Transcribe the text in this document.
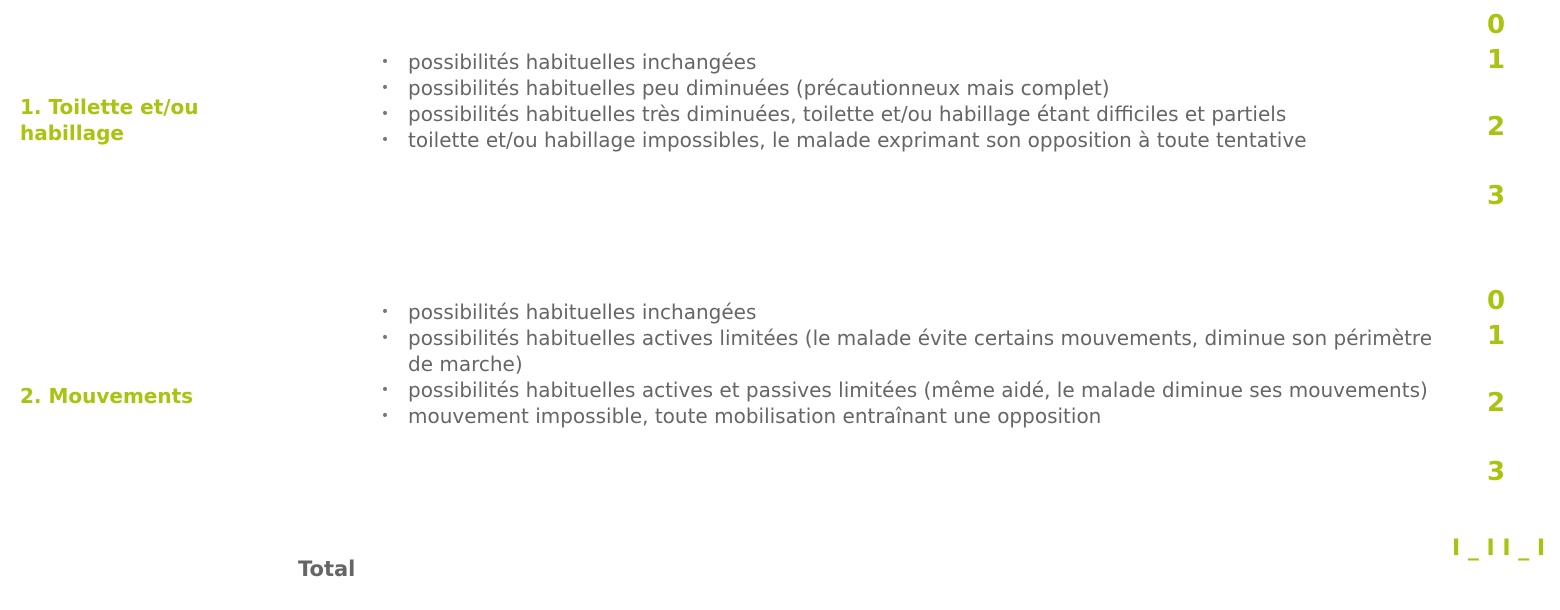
1. Toilette et/ou habillage
• possibilités habituelles inchangées
• possibilités habituelles peu diminuées (précautionneux mais complet)
• possibilités habituelles très diminuées, toilette et/ou habillage étant difficiles et partiels
• toilette et/ou habillage impossibles, le malade exprimant son opposition à toute tentative
0
1
2
3
2. Mouvements
• possibilités habituelles inchangées
• possibilités habituelles actives limitées (le malade évite certains mouvements, diminue son périmètre de marche)
• possibilités habituelles actives et passives limitées (même aidé, le malade diminue ses mouvements)
• mouvement impossible, toute mobilisation entraînant une opposition
0
1
2
3
Total
I _ I I _ I
